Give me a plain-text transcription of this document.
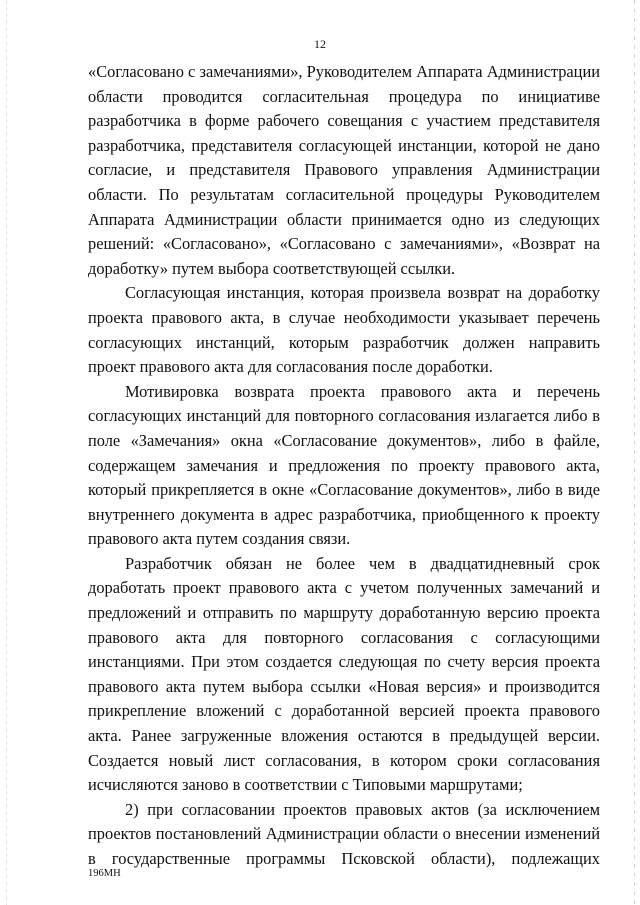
12

«Согласовано с замечаниями», Руководителем Аппарата Администрации области проводится согласительная процедура по инициативе разработчика в форме рабочего совещания с участием представителя разработчика, представителя согласующей инстанции, которой не дано согласие, и представителя Правового управления Администрации области. По результатам согласительной процедуры Руководителем Аппарата Администрации области принимается одно из следующих решений: «Согласовано», «Согласовано с замечаниями», «Возврат на доработку» путем выбора соответствующей ссылки.

Согласующая инстанция, которая произвела возврат на доработку проекта правового акта, в случае необходимости указывает перечень согласующих инстанций, которым разработчик должен направить проект правового акта для согласования после доработки.

Мотивировка возврата проекта правового акта и перечень согласующих инстанций для повторного согласования излагается либо в поле «Замечания» окна «Согласование документов», либо в файле, содержащем замечания и предложения по проекту правового акта, который прикрепляется в окне «Согласование документов», либо в виде внутреннего документа в адрес разработчика, приобщенного к проекту правового акта путем создания связи.

Разработчик обязан не более чем в двадцатидневный срок доработать проект правового акта с учетом полученных замечаний и предложений и отправить по маршруту доработанную версию проекта правового акта для повторного согласования с согласующими инстанциями. При этом создается следующая по счету версия проекта правового акта путем выбора ссылки «Новая версия» и производится прикрепление вложений с доработанной версией проекта правового акта. Ранее загруженные вложения остаются в предыдущей версии. Создается новый лист согласования, в котором сроки согласования исчисляются заново в соответствии с Типовыми маршрутами;

2) при согласовании проектов правовых актов (за исключением проектов постановлений Администрации области о внесении изменений в государственные программы Псковской области), подлежащих

196МН
